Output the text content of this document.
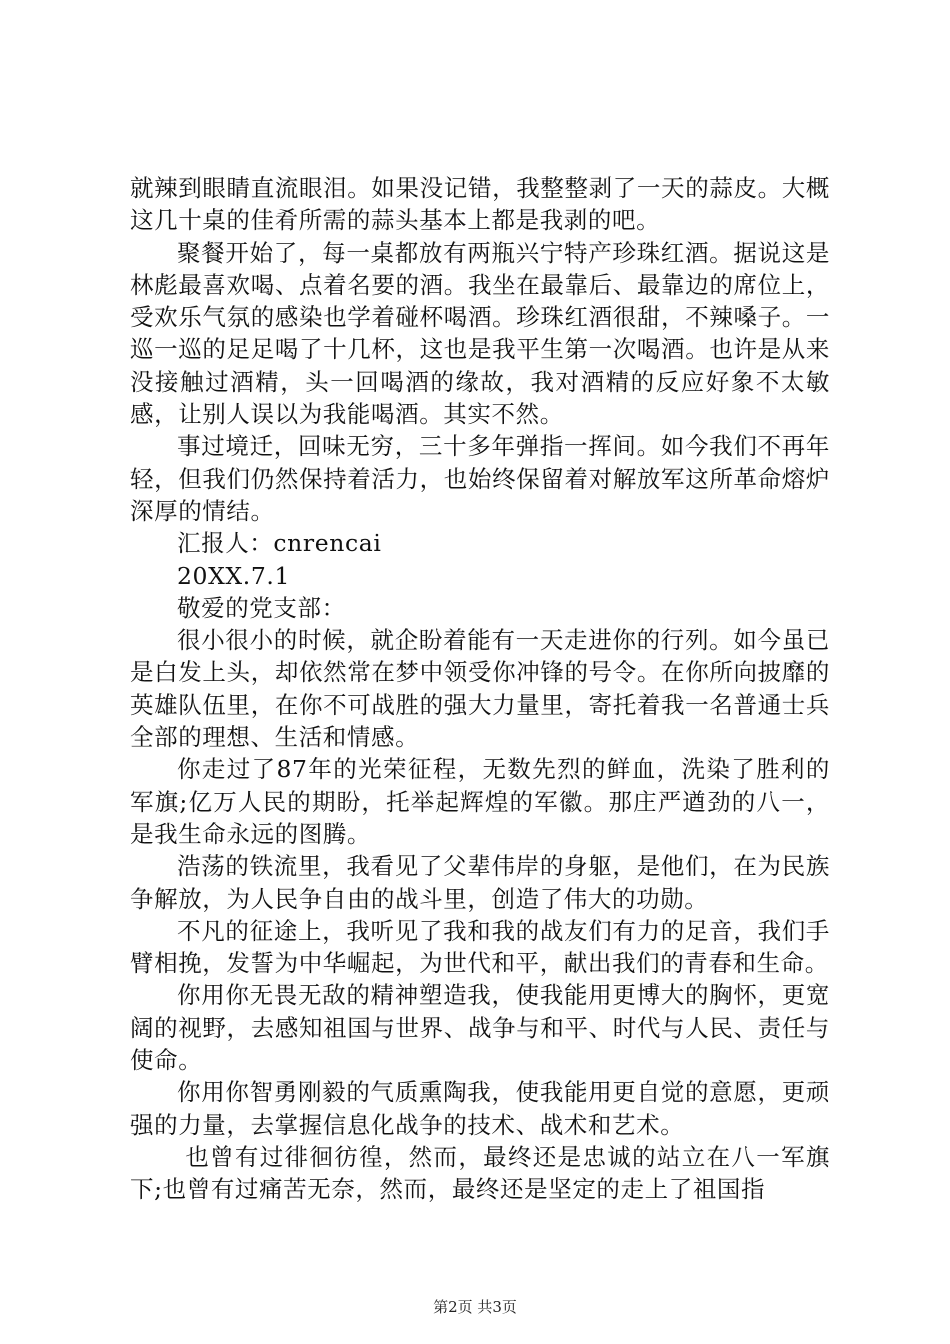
就辣到眼睛直流眼泪。如果没记错，我整整剥了一天的蒜皮。大概这几十桌的佳肴所需的蒜头基本上都是我剥的吧。

聚餐开始了，每一桌都放有两瓶兴宁特产珍珠红酒。据说这是林彪最喜欢喝、点着名要的酒。我坐在最靠后、最靠边的席位上，受欢乐气氛的感染也学着碰杯喝酒。珍珠红酒很甜，不辣嗓子。一巡一巡的足足喝了十几杯，这也是我平生第一次喝酒。也许是从来没接触过酒精，头一回喝酒的缘故，我对酒精的反应好象不太敏感，让别人误以为我能喝酒。其实不然。

事过境迁，回味无穷，三十多年弹指一挥间。如今我们不再年轻，但我们仍然保持着活力，也始终保留着对解放军这所革命熔炉深厚的情结。

汇报人：cnrencai

20XX.7.1

敬爱的党支部：

很小很小的时候，就企盼着能有一天走进你的行列。如今虽已是白发上头，却依然常在梦中领受你冲锋的号令。在你所向披靡的英雄队伍里，在你不可战胜的强大力量里，寄托着我一名普通士兵全部的理想、生活和情感。

你走过了87年的光荣征程，无数先烈的鲜血，洗染了胜利的军旗;亿万人民的期盼，托举起辉煌的军徽。那庄严遒劲的八一，是我生命永远的图腾。

浩荡的铁流里，我看见了父辈伟岸的身躯，是他们，在为民族争解放，为人民争自由的战斗里，创造了伟大的功勋。

不凡的征途上，我听见了我和我的战友们有力的足音，我们手臂相挽，发誓为中华崛起，为世代和平，献出我们的青春和生命。

你用你无畏无敌的精神塑造我，使我能用更博大的胸怀，更宽阔的视野，去感知祖国与世界、战争与和平、时代与人民、责任与使命。

你用你智勇刚毅的气质熏陶我，使我能用更自觉的意愿，更顽强的力量，去掌握信息化战争的技术、战术和艺术。

也曾有过徘徊彷徨，然而，最终还是忠诚的站立在八一军旗下;也曾有过痛苦无奈，然而，最终还是坚定的走上了祖国指

第2页 共3页
